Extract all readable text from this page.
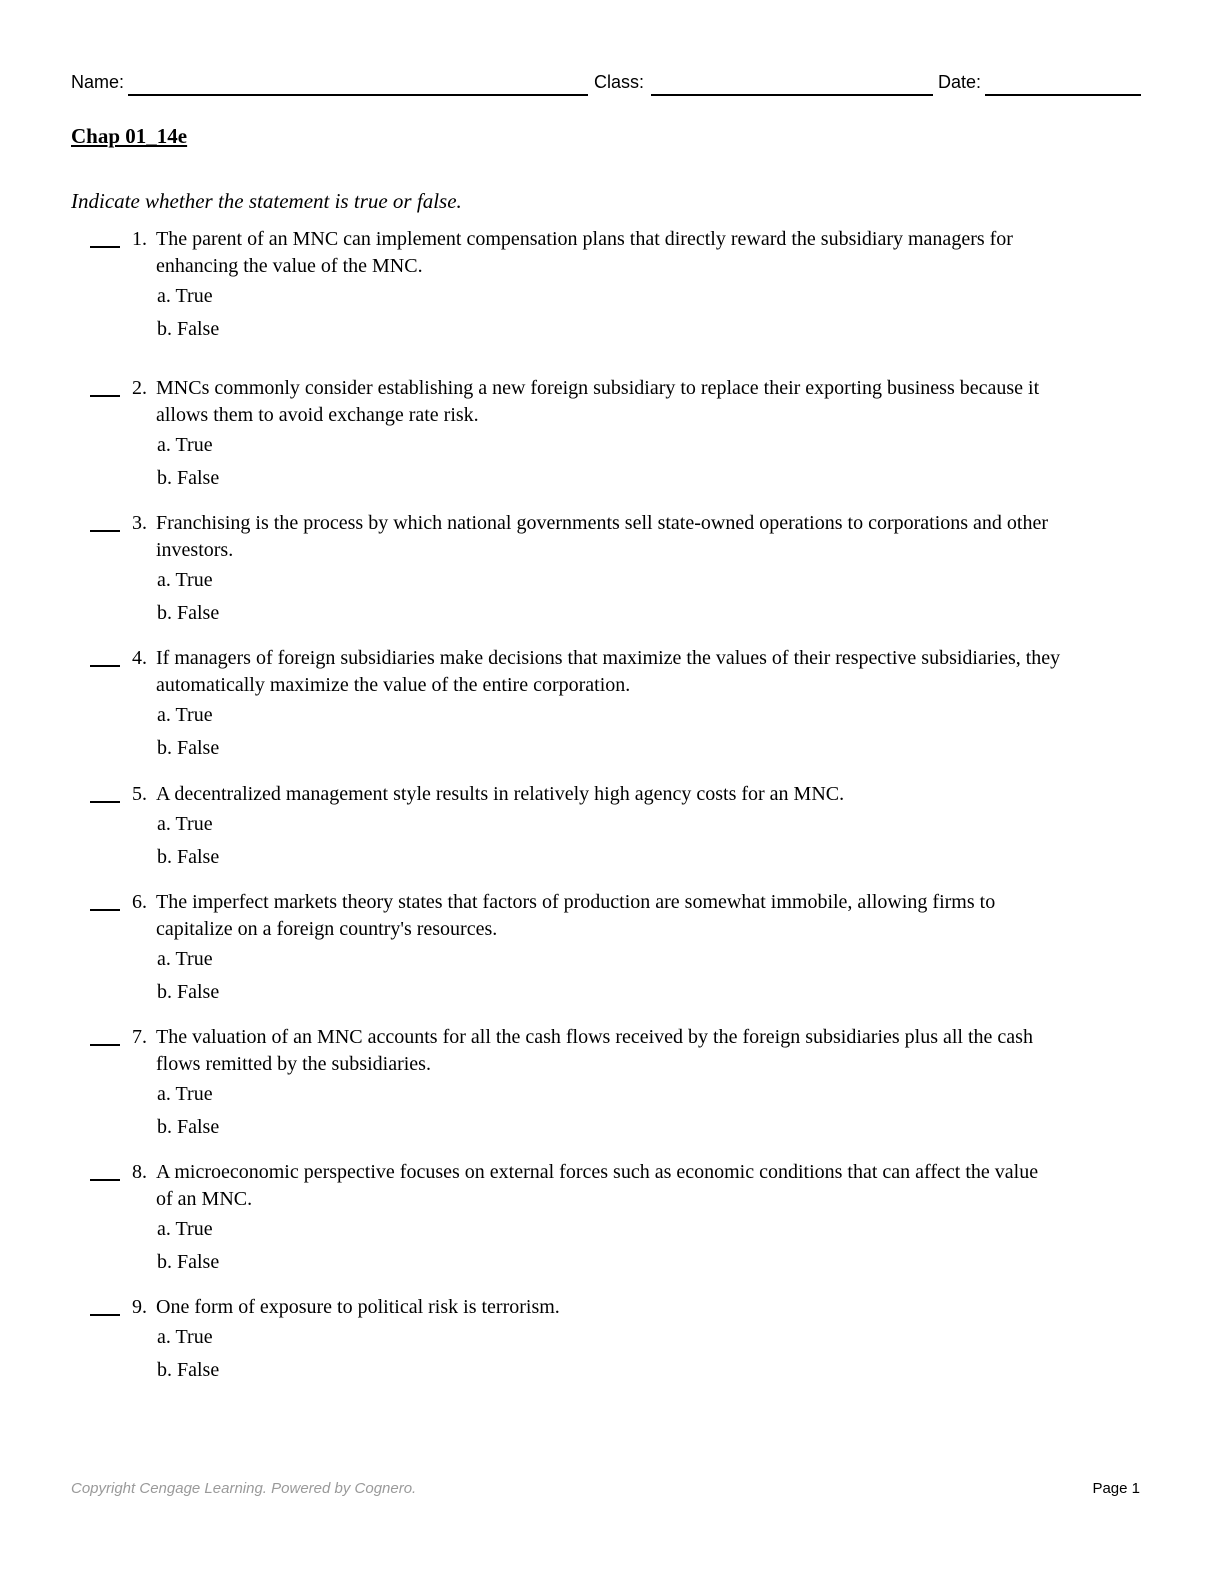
Name:	Class:	Date:
Chap 01_14e
Indicate whether the statement is true or false.
1. The parent of an MNC can implement compensation plans that directly reward the subsidiary managers for
enhancing the value of the MNC.
a. True
b. False
2. MNCs commonly consider establishing a new foreign subsidiary to replace their exporting business because it
allows them to avoid exchange rate risk.
a. True
b. False
3. Franchising is the process by which national governments sell state-owned operations to corporations and other
investors.
a. True
b. False
4. If managers of foreign subsidiaries make decisions that maximize the values of their respective subsidiaries, they
automatically maximize the value of the entire corporation.
a. True
b. False
5. A decentralized management style results in relatively high agency costs for an MNC.
a. True
b. False
6. The imperfect markets theory states that factors of production are somewhat immobile, allowing firms to
capitalize on a foreign country's resources.
a. True
b. False
7. The valuation of an MNC accounts for all the cash flows received by the foreign subsidiaries plus all the cash
flows remitted by the subsidiaries.
a. True
b. False
8. A microeconomic perspective focuses on external forces such as economic conditions that can affect the value
of an MNC.
a. True
b. False
9. One form of exposure to political risk is terrorism.
a. True
b. False
Copyright Cengage Learning. Powered by Cognero.	Page 1
